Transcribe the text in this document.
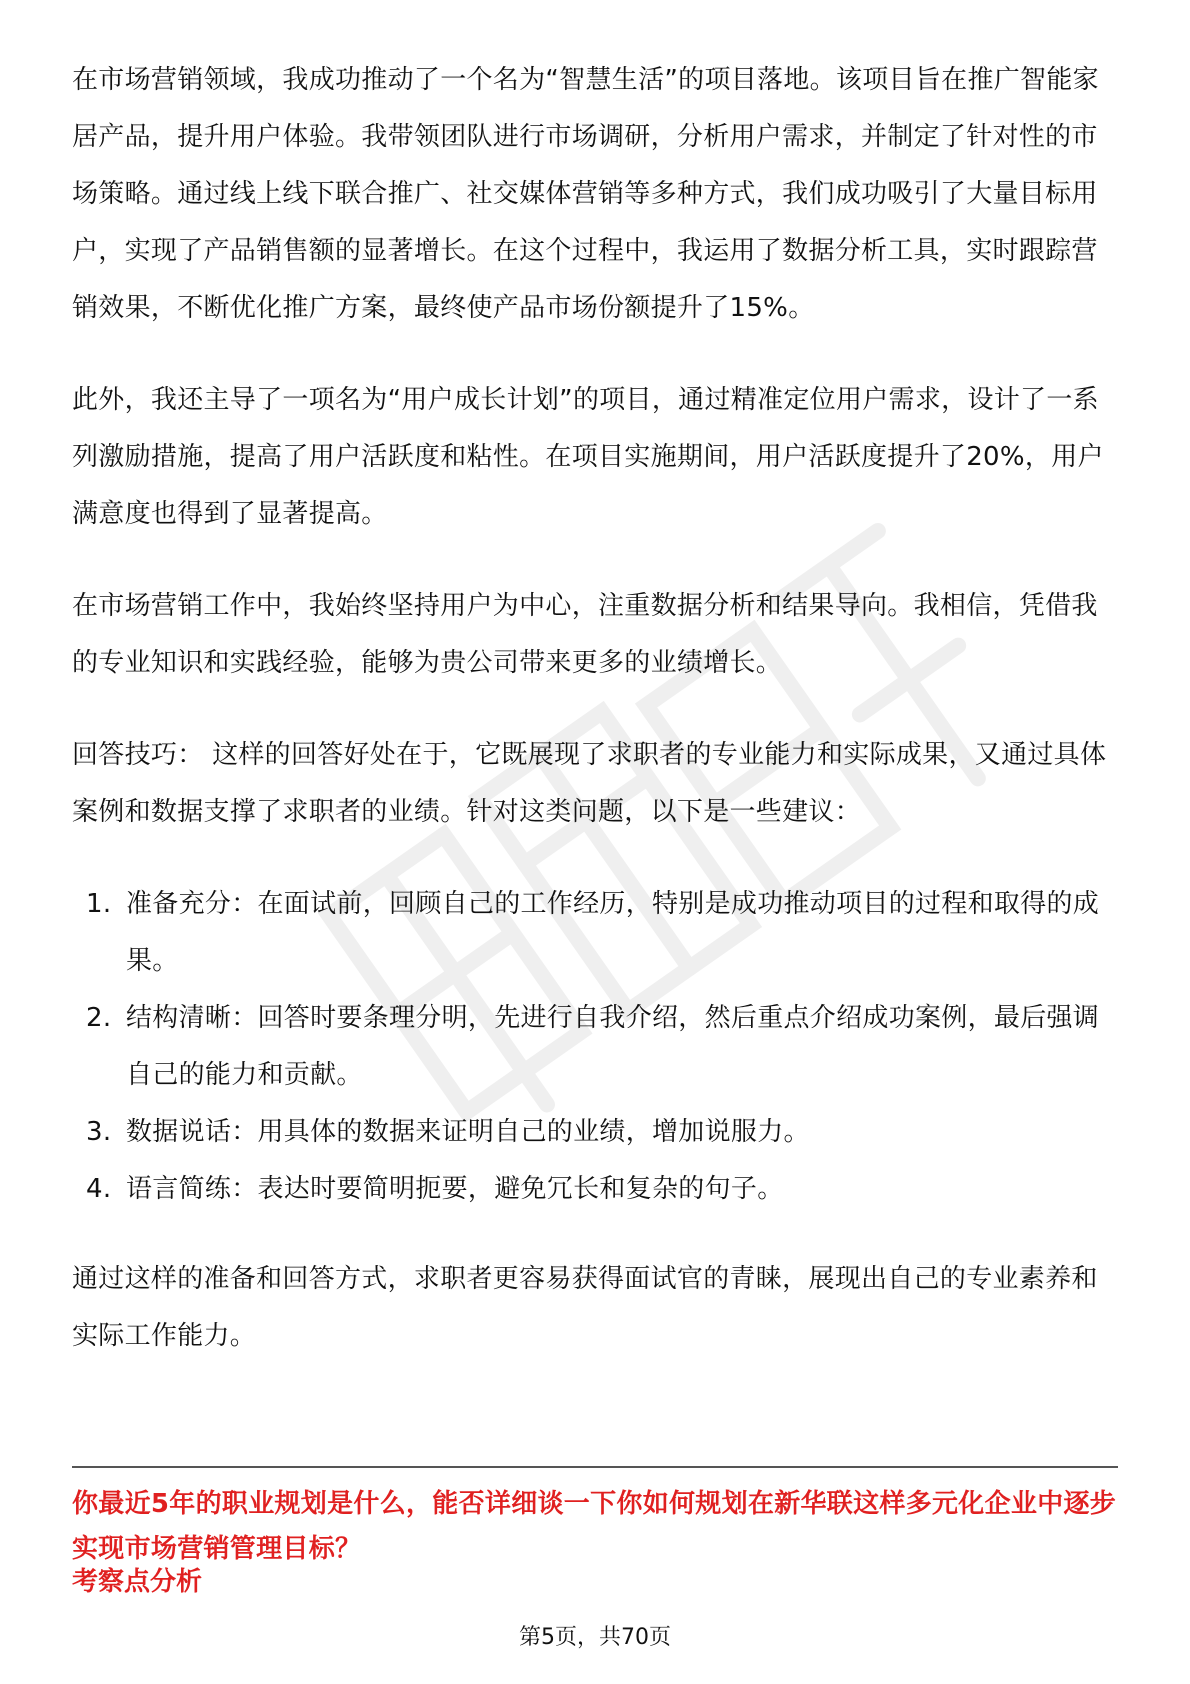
在市场营销领域，我成功推动了一个名为“智慧生活”的项目落地。该项目旨在推广智能家居产品，提升用户体验。我带领团队进行市场调研，分析用户需求，并制定了针对性的市场策略。通过线上线下联合推广、社交媒体营销等多种方式，我们成功吸引了大量目标用户，实现了产品销售额的显著增长。在这个过程中，我运用了数据分析工具，实时跟踪营销效果，不断优化推广方案，最终使产品市场份额提升了15%。

此外，我还主导了一项名为“用户成长计划”的项目，通过精准定位用户需求，设计了一系列激励措施，提高了用户活跃度和粘性。在项目实施期间，用户活跃度提升了20%，用户满意度也得到了显著提高。

在市场营销工作中，我始终坚持用户为中心，注重数据分析和结果导向。我相信，凭借我的专业知识和实践经验，能够为贵公司带来更多的业绩增长。

回答技巧： 这样的回答好处在于，它既展现了求职者的专业能力和实际成果，又通过具体案例和数据支撑了求职者的业绩。针对这类问题，以下是一些建议：

1. 准备充分：在面试前，回顾自己的工作经历，特别是成功推动项目的过程和取得的成果。
2. 结构清晰：回答时要条理分明，先进行自我介绍，然后重点介绍成功案例，最后强调自己的能力和贡献。
3. 数据说话：用具体的数据来证明自己的业绩，增加说服力。
4. 语言简练：表达时要简明扼要，避免冗长和复杂的句子。

通过这样的准备和回答方式，求职者更容易获得面试官的青睐，展现出自己的专业素养和实际工作能力。

你最近5年的职业规划是什么，能否详细谈一下你如何规划在新华联这样多元化企业中逐步实现市场营销管理目标？
考察点分析
第5页，共70页
